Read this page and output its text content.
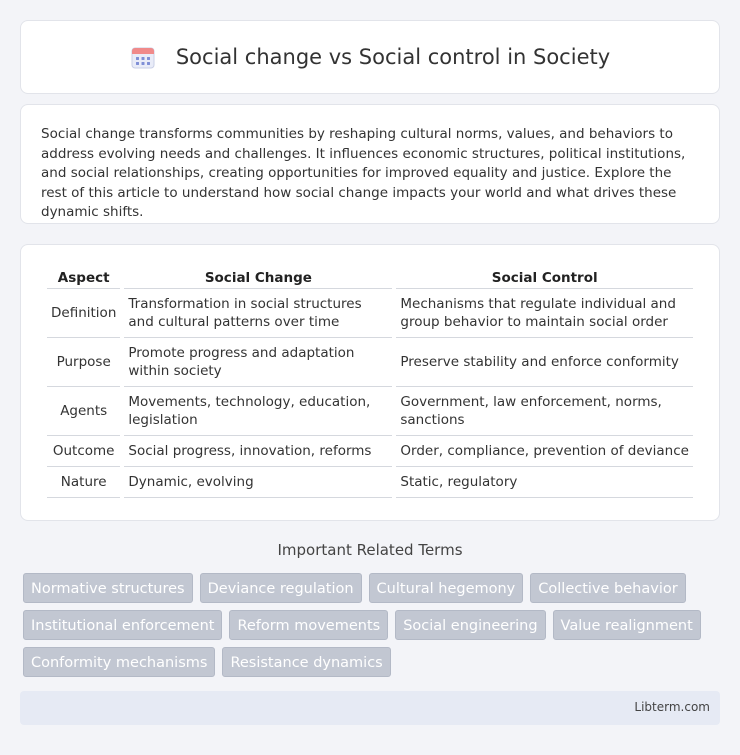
Social change vs Social control in Society

Social change transforms communities by reshaping cultural norms, values, and behaviors to address evolving needs and challenges. It influences economic structures, political institutions, and social relationships, creating opportunities for improved equality and justice. Explore the rest of this article to understand how social change impacts your world and what drives these dynamic shifts.

Aspect	Social Change	Social Control
Definition	Transformation in social structures and cultural patterns over time	Mechanisms that regulate individual and group behavior to maintain social order
Purpose	Promote progress and adaptation within society	Preserve stability and enforce conformity
Agents	Movements, technology, education, legislation	Government, law enforcement, norms, sanctions
Outcome	Social progress, innovation, reforms	Order, compliance, prevention of deviance
Nature	Dynamic, evolving	Static, regulatory
Important Related Terms
Normative structures	Deviance regulation	Cultural hegemony	Collective behavior
Institutional enforcement	Reform movements	Social engineering	Value realignment
Conformity mechanisms	Resistance dynamics
Libterm.com
